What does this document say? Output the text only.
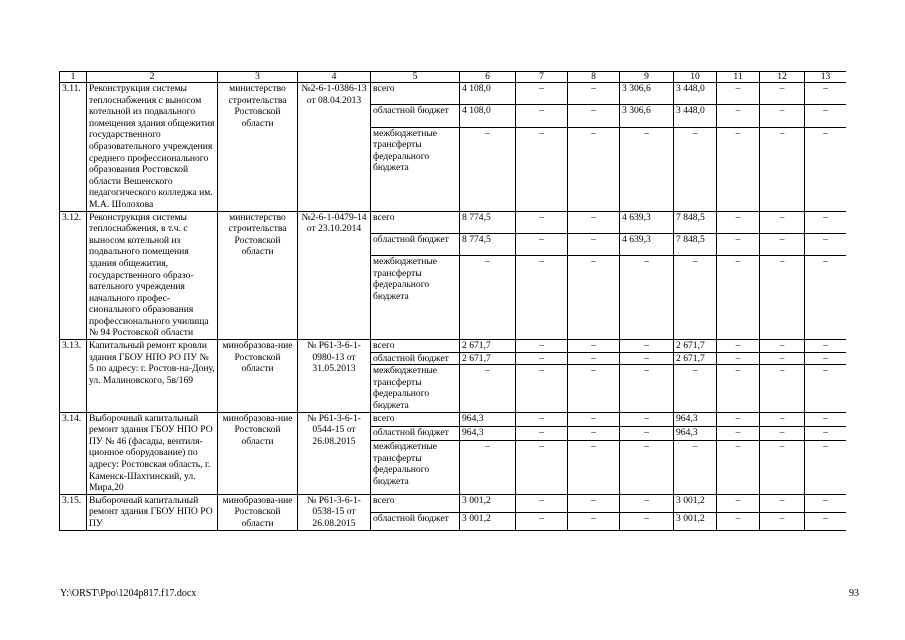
1	2	3	4	5	6	7	8	9	10	11	12	13
3.11.	Реконструкция системы теплоснабжения с выносом котельной из подвального помещения здания общежития государственного образовательного учреждения среднего профессионального образования Ростовской области Вешенского педагогического колледжа им. М.А. Шолохова	министерство строительства Ростовской области	№2-6-1-0386-13 от 08.04.2013	всего	4 108,0	–	–	3 306,6	3 448,0	–	–	–
				областной бюджет	4 108,0	–	–	3 306,6	3 448,0	–	–	–
				межбюджетные трансферты федерального бюджета	–	–	–	–	–	–	–	–
3.12.	Реконструкция системы теплоснабжения, в т.ч. с выносом котельной из подвального помещения здания общежития, государственного образо-вательного учреждения начального профес-сионального образования профессионального училища № 94 Ростовской области	министерство строительства Ростовской области	№2-6-1-0479-14 от 23.10.2014	всего	8 774,5	–	–	4 639,3	7 848,5	–	–	–
				областной бюджет	8 774,5	–	–	4 639,3	7 848,5	–	–	–
				межбюджетные трансферты федерального бюджета	–	–	–	–	–	–	–	–
3.13.	Капитальный ремонт кровли здания ГБОУ НПО РО ПУ № 5 по адресу: г. Ростов-на-Дону, ул. Малиновского, 5в/169	минобразова-ние Ростовской области	№ Р61-3-6-1-0980-13 от 31.05.2013	всего	2 671,7	–	–	–	2 671,7	–	–	–
				областной бюджет	2 671,7	–	–	–	2 671,7	–	–	–
				межбюджетные трансферты федерального бюджета	–	–	–	–	–	–	–	–
3.14.	Выборочный капитальный ремонт здания ГБОУ НПО РО ПУ № 46 (фасады, вентиля-ционное оборудование) по адресу: Ростовская область, г. Каменск-Шахтинский, ул. Мира,20	минобразова-ние Ростовской области	№ Р61-3-6-1-0544-15 от 26.08.2015	всего	964,3	–	–	–	964,3	–	–	–
				областной бюджет	964,3	–	–	–	964,3	–	–	–
				межбюджетные трансферты федерального бюджета	–	–	–	–	–	–	–	–
3.15.	Выборочный капитальный ремонт здания ГБОУ НПО РО ПУ	минобразова-ние Ростовской области	№ Р61-3-6-1-0538-15 от 26.08.2015	всего	3 001,2	–	–	–	3 001,2	–	–	–
				областной бюджет	3 001,2	–	–	–	3 001,2	–	–	–
Y:\ORST\Ppo\1204p817.f17.docx	93
